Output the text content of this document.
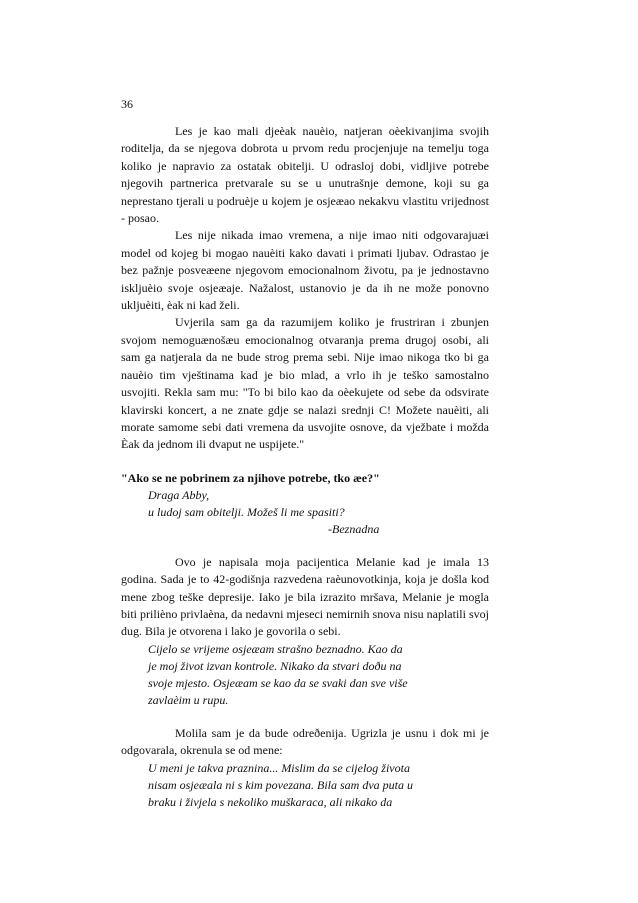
36

Les je kao mali djeèak nauèio, natjeran oèekivanjima svojih roditelja, da se njegova dobrota u prvom redu procjenjuje na temelju toga koliko je napravio za ostatak obitelji. U odrasloj dobi, vidljive potrebe njegovih partnerica pretvarale su se u unutrašnje demone, koji su ga neprestano tjerali u podruèje u kojem je osjeæao nekakvu vlastitu vrijednost - posao.

Les nije nikada imao vremena, a nije imao niti odgovarajuæi model od kojeg bi mogao nauèiti kako davati i primati ljubav. Odrastao je bez pažnje posveæene njegovom emocionalnom životu, pa je jednostavno iskljuèio svoje osjeæaje. Nažalost, ustanovio je da ih ne može ponovno ukljuèiti, èak ni kad želi.

Uvjerila sam ga da razumijem koliko je frustriran i zbunjen svojom nemoguænošæu emocionalnog otvaranja prema drugoj osobi, ali sam ga natjerala da ne bude strog prema sebi. Nije imao nikoga tko bi ga nauèio tim vještinama kad je bio mlad, a vrlo ih je teško samostalno usvojiti. Rekla sam mu: "To bi bilo kao da oèekujete od sebe da odsvirate klavirski koncert, a ne znate gdje se nalazi srednji C! Možete nauèiti, ali morate samome sebi dati vremena da usvojite osnove, da vježbate i možda Èak da jednom ili dvaput ne uspijete."

"Ako se ne pobrinem za njihove potrebe, tko æe?"
Draga Abby,
u ludoj sam obitelji. Možeš li me spasiti?
-Beznadna

Ovo je napisala moja pacijentica Melanie kad je imala 13 godina. Sada je to 42-godišnja razvedena raèunovotkinja, koja je došla kod mene zbog teške depresije. Iako je bila izrazito mršava, Melanie je mogla biti prilièno privlaèna, da nedavni mjeseci nemirnih snova nisu naplatili svoj dug. Bila je otvorena i lako je govorila o sebi.

Cijelo se vrijeme osjeæam strašno beznadno. Kao da
je moj život izvan kontrole. Nikako da stvari doðu na
svoje mjesto. Osjeæam se kao da se svaki dan sve više
zavlaèim u rupu.

Molila sam je da bude odreðenija. Ugrizla je usnu i dok mi je odgovarala, okrenula se od mene:

U meni je takva praznina... Mislim da se cijelog života
nisam osjeæala ni s kim povezana. Bila sam dva puta u
braku i živjela s nekoliko muškaraca, ali nikako da
